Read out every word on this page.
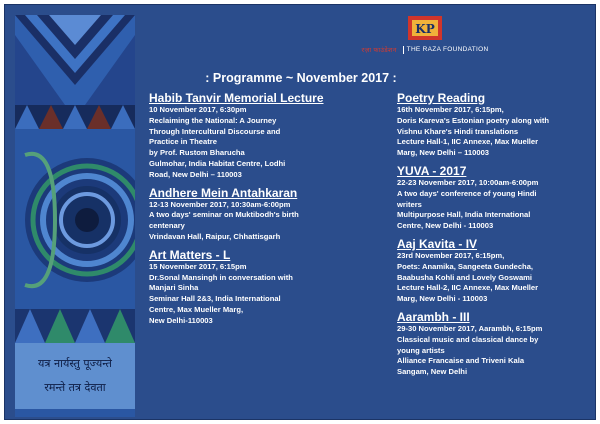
यत्र नार्यस्तु पूज्यन्ते
रमन्ते तत्र देवता
KP
रज़ा फाउंडेशन THE RAZA FOUNDATION
: Programme ~ November 2017 :
Habib Tanvir Memorial Lecture
10 November 2017, 6:30pm
Reclaiming the National: A Journey
Through Intercultural Discourse and
Practice in Theatre
by Prof. Rustom Bharucha
Gulmohar, India Habitat Centre, Lodhi
Road, New Delhi – 110003
Andhere Mein Antahkaran
12-13 November 2017, 10:30am-6:00pm
A two days' seminar on Muktibodh's birth
centenary
Vrindavan Hall, Raipur, Chhattisgarh
Art Matters - L
15 November 2017, 6:15pm
Dr.Sonal Mansingh in conversation with
Manjari Sinha
Seminar Hall 2&3, India International
Centre, Max Mueller Marg,
New Delhi-110003
Poetry Reading
16th November 2017, 6:15pm,
Doris Kareva's Estonian poetry along with
Vishnu Khare's Hindi translations
Lecture Hall-1, IIC Annexe, Max Mueller
Marg, New Delhi – 110003
YUVA - 2017
22-23 November 2017, 10:00am-6:00pm
A two days' conference of young Hindi
writers
Multipurpose Hall, India International
Centre, New Delhi - 110003
Aaj Kavita - IV
23rd November 2017, 6:15pm,
Poets: Anamika, Sangeeta Gundecha,
Baabusha Kohli and Lovely Goswami
Lecture Hall-2, IIC Annexe, Max Mueller
Marg, New Delhi - 110003
Aarambh - III
29-30 November 2017, Aarambh, 6:15pm
Classical music and classical dance by
young artists
Alliance Francaise and Triveni Kala
Sangam, New Delhi
